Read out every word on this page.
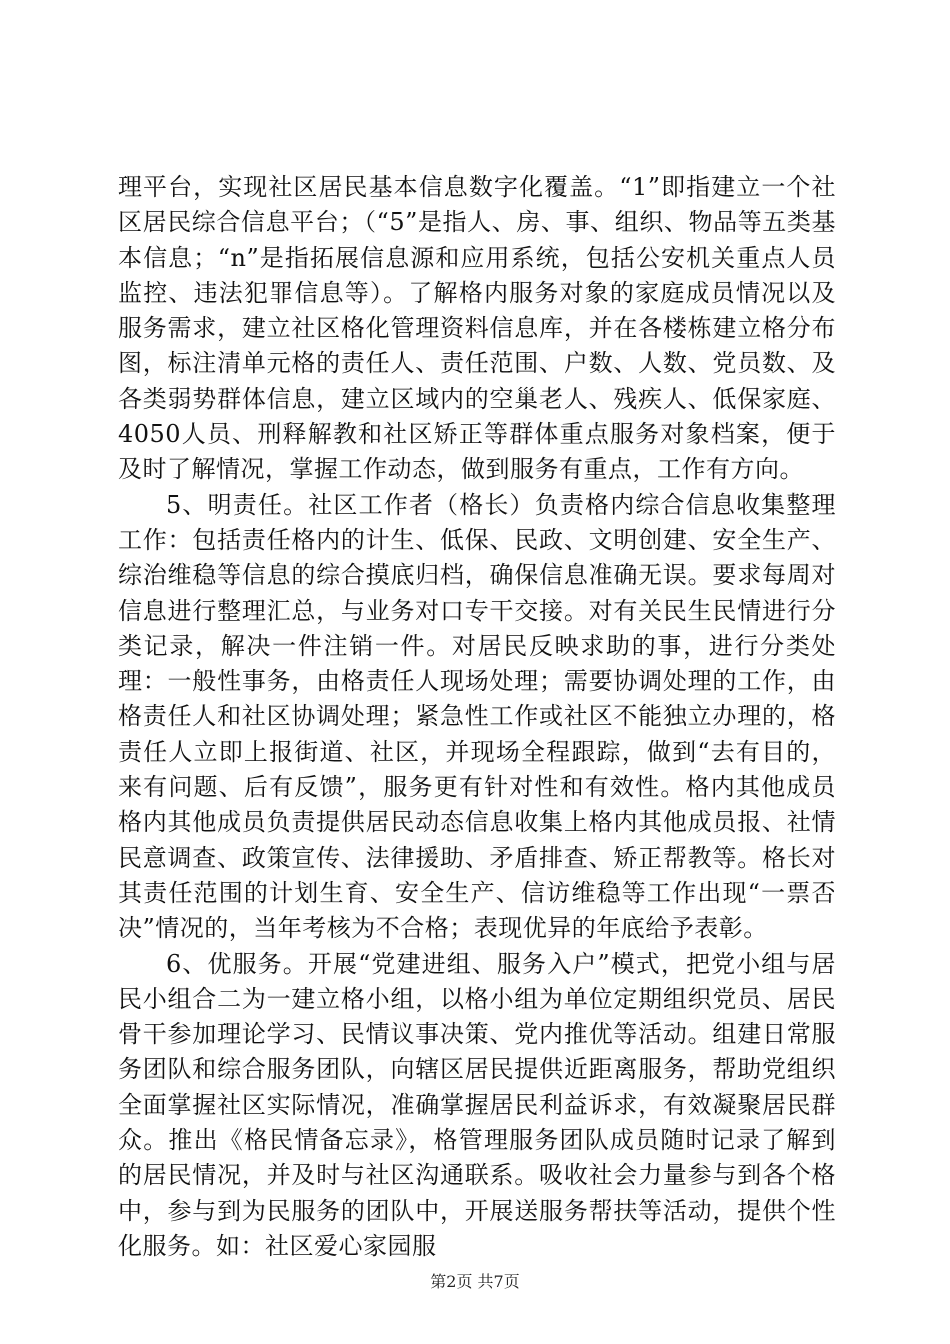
理平台，实现社区居民基本信息数字化覆盖。“1”即指建立一个社区居民综合信息平台；（“5”是指人、房、事、组织、物品等五类基本信息；“n”是指拓展信息源和应用系统，包括公安机关重点人员监控、违法犯罪信息等）。了解格内服务对象的家庭成员情况以及服务需求，建立社区格化管理资料信息库，并在各楼栋建立格分布图，标注清单元格的责任人、责任范围、户数、人数、党员数、及各类弱势群体信息，建立区域内的空巢老人、残疾人、低保家庭、4050人员、刑释解教和社区矫正等群体重点服务对象档案，便于及时了解情况，掌握工作动态，做到服务有重点，工作有方向。

5、明责任。社区工作者（格长）负责格内综合信息收集整理工作：包括责任格内的计生、低保、民政、文明创建、安全生产、综治维稳等信息的综合摸底归档，确保信息准确无误。要求每周对信息进行整理汇总，与业务对口专干交接。对有关民生民情进行分类记录，解决一件注销一件。对居民反映求助的事，进行分类处理：一般性事务，由格责任人现场处理；需要协调处理的工作，由格责任人和社区协调处理；紧急性工作或社区不能独立办理的，格责任人立即上报街道、社区，并现场全程跟踪，做到“去有目的，来有问题、后有反馈”，服务更有针对性和有效性。格内其他成员格内其他成员负责提供居民动态信息收集上格内其他成员报、社情民意调查、政策宣传、法律援助、矛盾排查、矫正帮教等。格长对其责任范围的计划生育、安全生产、信访维稳等工作出现“一票否决”情况的，当年考核为不合格；表现优异的年底给予表彰。

6、优服务。开展“党建进组、服务入户”模式，把党小组与居民小组合二为一建立格小组，以格小组为单位定期组织党员、居民骨干参加理论学习、民情议事决策、党内推优等活动。组建日常服务团队和综合服务团队，向辖区居民提供近距离服务，帮助党组织全面掌握社区实际情况，准确掌握居民利益诉求，有效凝聚居民群众。推出《格民情备忘录》，格管理服务团队成员随时记录了解到的居民情况，并及时与社区沟通联系。吸收社会力量参与到各个格中，参与到为民服务的团队中，开展送服务帮扶等活动，提供个性化服务。如：社区爱心家园服

第2页 共7页
